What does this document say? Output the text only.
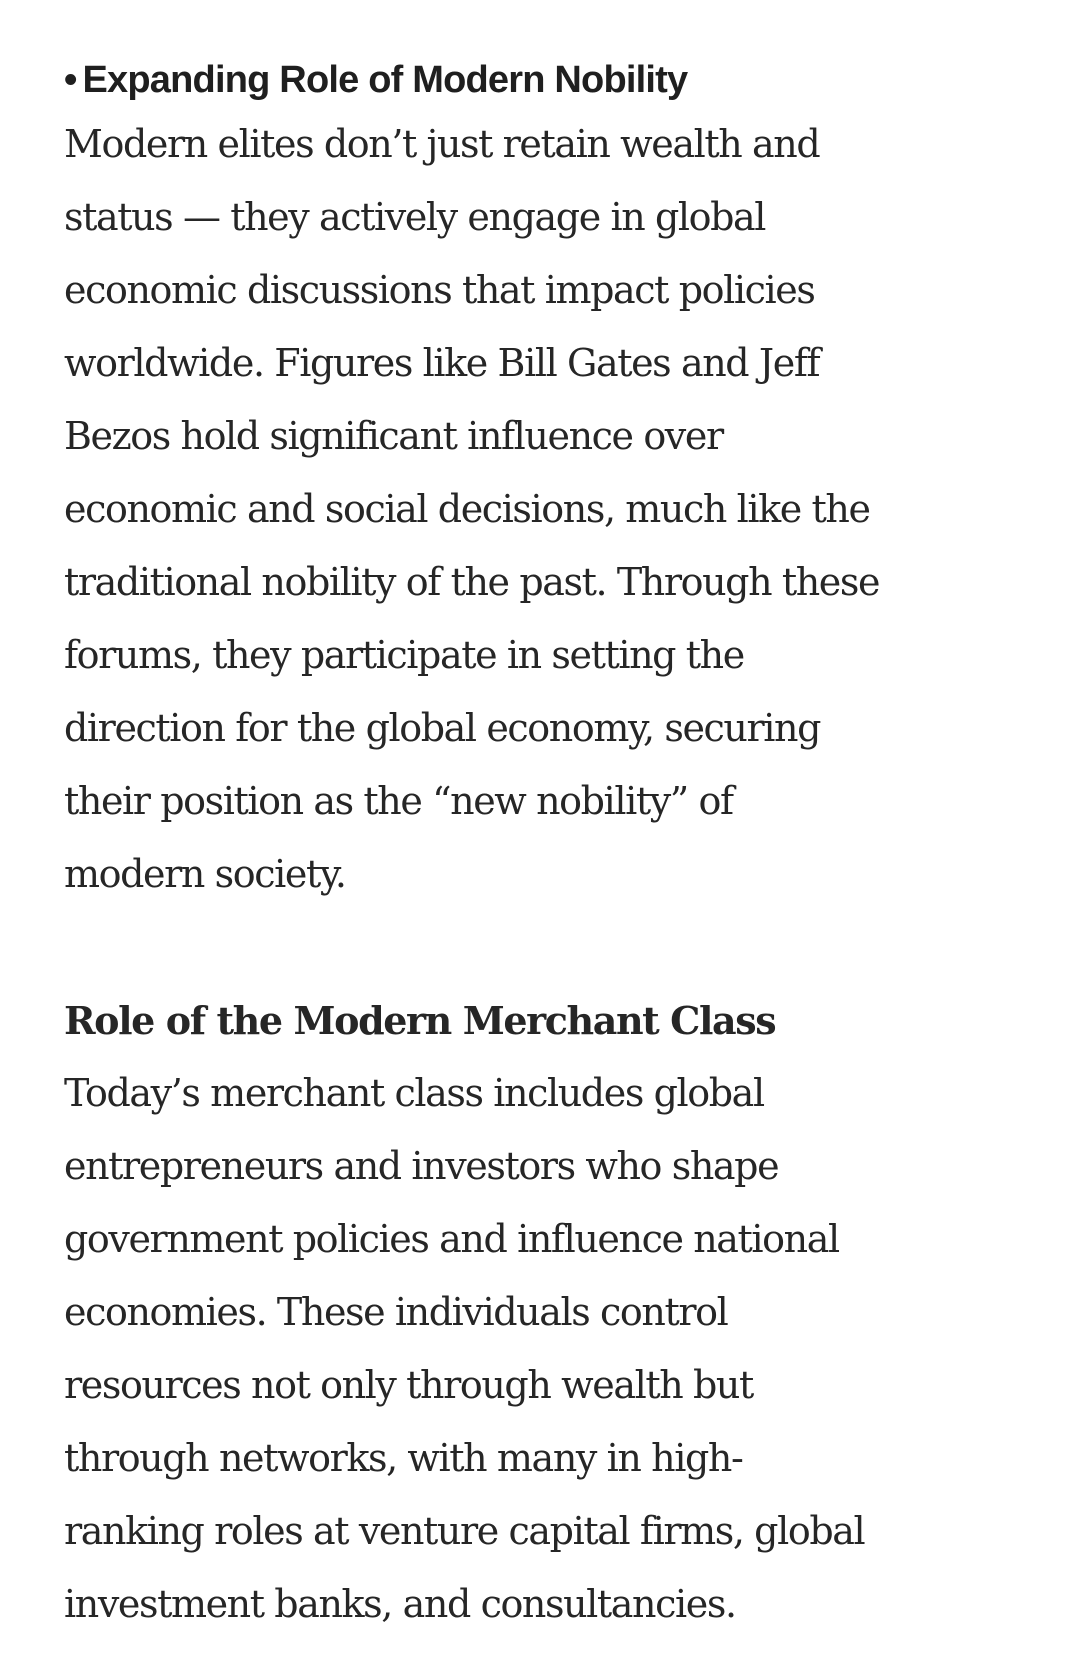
• Expanding Role of Modern Nobility

Modern elites don’t just retain wealth and
status — they actively engage in global
economic discussions that impact policies
worldwide. Figures like Bill Gates and Jeff
Bezos hold significant influence over
economic and social decisions, much like the
traditional nobility of the past. Through these
forums, they participate in setting the
direction for the global economy, securing
their position as the “new nobility” of
modern society.

Role of the Modern Merchant Class

Today’s merchant class includes global
entrepreneurs and investors who shape
government policies and influence national
economies. These individuals control
resources not only through wealth but
through networks, with many in high-
ranking roles at venture capital firms, global
investment banks, and consultancies.
